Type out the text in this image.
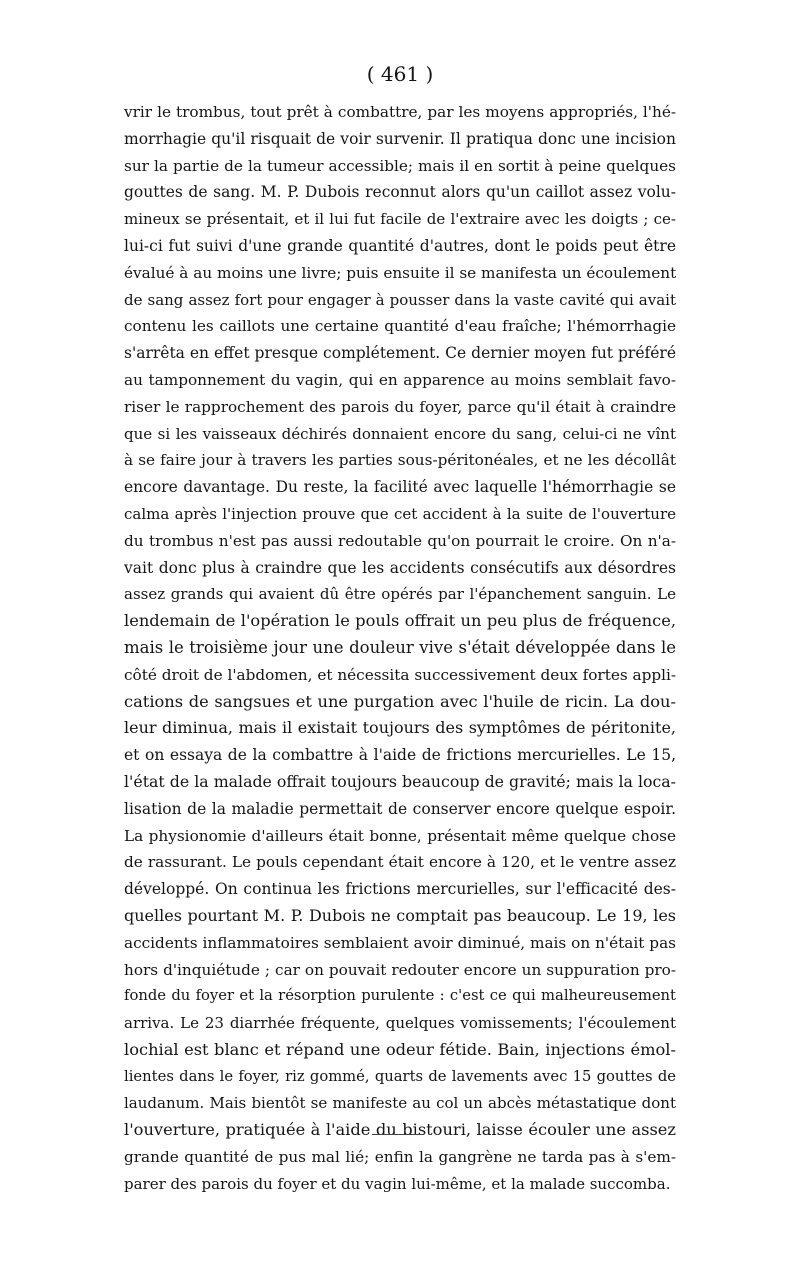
( 461 )
vrir le trombus, tout prêt à combattre, par les moyens appropriés, l'hé-
morrhagie qu'il risquait de voir survenir. Il pratiqua donc une incision
sur la partie de la tumeur accessible; mais il en sortit à peine quelques
gouttes de sang. M. P. Dubois reconnut alors qu'un caillot assez volu-
mineux se présentait, et il lui fut facile de l'extraire avec les doigts ; ce-
lui-ci fut suivi d'une grande quantité d'autres, dont le poids peut être
évalué à au moins une livre; puis ensuite il se manifesta un écoulement
de sang assez fort pour engager à pousser dans la vaste cavité qui avait
contenu les caillots une certaine quantité d'eau fraîche; l'hémorrhagie
s'arrêta en effet presque complétement. Ce dernier moyen fut préféré
au tamponnement du vagin, qui en apparence au moins semblait favo-
riser le rapprochement des parois du foyer, parce qu'il était à craindre
que si les vaisseaux déchirés donnaient encore du sang, celui-ci ne vînt
à se faire jour à travers les parties sous-péritonéales, et ne les décollât
encore davantage. Du reste, la facilité avec laquelle l'hémorrhagie se
calma après l'injection prouve que cet accident à la suite de l'ouverture
du trombus n'est pas aussi redoutable qu'on pourrait le croire. On n'a-
vait donc plus à craindre que les accidents consécutifs aux désordres
assez grands qui avaient dû être opérés par l'épanchement sanguin. Le
lendemain de l'opération le pouls offrait un peu plus de fréquence,
mais le troisième jour une douleur vive s'était développée dans le
côté droit de l'abdomen, et nécessita successivement deux fortes appli-
cations de sangsues et une purgation avec l'huile de ricin. La dou-
leur diminua, mais il existait toujours des symptômes de péritonite,
et on essaya de la combattre à l'aide de frictions mercurielles. Le 15,
l'état de la malade offrait toujours beaucoup de gravité; mais la loca-
lisation de la maladie permettait de conserver encore quelque espoir.
La physionomie d'ailleurs était bonne, présentait même quelque chose
de rassurant. Le pouls cependant était encore à 120, et le ventre assez
développé. On continua les frictions mercurielles, sur l'efficacité des-
quelles pourtant M. P. Dubois ne comptait pas beaucoup. Le 19, les
accidents inflammatoires semblaient avoir diminué, mais on n'était pas
hors d'inquiétude ; car on pouvait redouter encore un suppuration pro-
fonde du foyer et la résorption purulente : c'est ce qui malheureusement
arriva. Le 23 diarrhée fréquente, quelques vomissements; l'écoulement
lochial est blanc et répand une odeur fétide. Bain, injections émol-
lientes dans le foyer, riz gommé, quarts de lavements avec 15 gouttes de
laudanum. Mais bientôt se manifeste au col un abcès métastatique dont
l'ouverture, pratiquée à l'aide du bistouri, laisse écouler une assez
grande quantité de pus mal lié; enfin la gangrène ne tarda pas à s'em-
parer des parois du foyer et du vagin lui-même, et la malade succomba.
